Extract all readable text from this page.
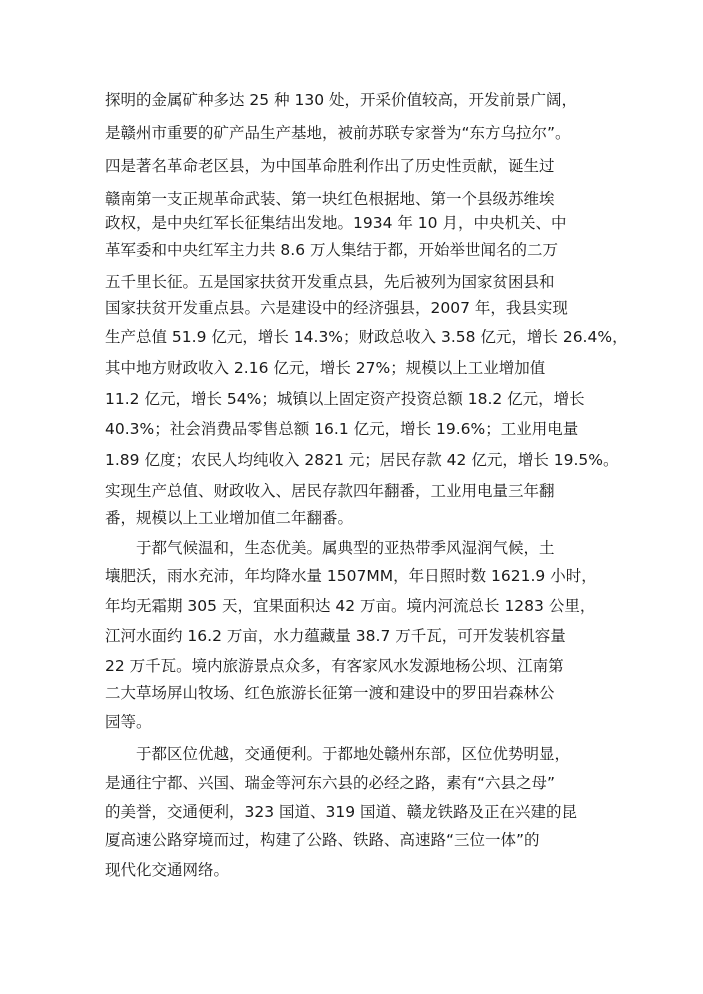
探明的金属矿种多达 25 种 130 处，开采价值较高，开发前景广阔，
是赣州市重要的矿产品生产基地，被前苏联专家誉为“东方乌拉尔”。
四是著名革命老区县，为中国革命胜利作出了历史性贡献，诞生过
赣南第一支正规革命武装、第一块红色根据地、第一个县级苏维埃
政权，是中央红军长征集结出发地。1934 年 10 月，中央机关、中
革军委和中央红军主力共 8.6 万人集结于都，开始举世闻名的二万
五千里长征。五是国家扶贫开发重点县，先后被列为国家贫困县和
国家扶贫开发重点县。六是建设中的经济强县，2007 年，我县实现
生产总值 51.9 亿元，增长 14.3%；财政总收入 3.58 亿元，增长 26.4%，
其中地方财政收入 2.16 亿元，增长 27%；规模以上工业增加值
11.2 亿元，增长 54%；城镇以上固定资产投资总额 18.2 亿元，增长
40.3%；社会消费品零售总额 16.1 亿元，增长 19.6%；工业用电量
1.89 亿度；农民人均纯收入 2821 元；居民存款 42 亿元，增长 19.5%。
实现生产总值、财政收入、居民存款四年翻番，工业用电量三年翻
番，规模以上工业增加值二年翻番。
于都气候温和，生态优美。属典型的亚热带季风湿润气候，土
壤肥沃，雨水充沛，年均降水量 1507MM，年日照时数 1621.9 小时，
年均无霜期 305 天，宜果面积达 42 万亩。境内河流总长 1283 公里，
江河水面约 16.2 万亩，水力蕴藏量 38.7 万千瓦，可开发装机容量
22 万千瓦。境内旅游景点众多，有客家风水发源地杨公坝、江南第
二大草场屏山牧场、红色旅游长征第一渡和建设中的罗田岩森林公
园等。
于都区位优越，交通便利。于都地处赣州东部，区位优势明显，
是通往宁都、兴国、瑞金等河东六县的必经之路，素有“六县之母”
的美誉，交通便利，323 国道、319 国道、赣龙铁路及正在兴建的昆
厦高速公路穿境而过，构建了公路、铁路、高速路“三位一体”的
现代化交通网络。
